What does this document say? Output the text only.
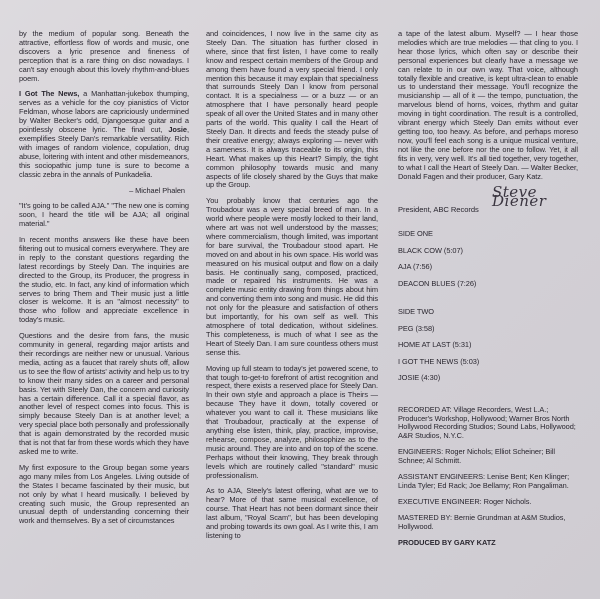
by the medium of popular song. Beneath the attractive, effortless flow of words and music, one discovers a lyric presence and fineness of perception that is a rare thing on disc nowadays. I can't say enough about this lovely rhythm-and-blues poem.

I Got The News, a Manhattan-jukebox thumping, serves as a vehicle for the coy pianistics of Victor Feldman, whose labors are capriciously undermined by Walter Becker's odd, Djangoesque guitar and a pointlessly obscene lyric. The final cut, Josie, exemplifies Steely Dan's remarkable versatility. Rich with images of random violence, copulation, drug abuse, loitering with intent and other misdemeanors, this sociopathic jump tune is sure to become a classic zebra in the annals of Punkadelia.

– Michael Phalen

"It's going to be called AJA." "The new one is coming soon, I heard the title will be AJA; all original material."

In recent months answers like these have been filtering out to musical corners everywhere. They are in reply to the constant questions regarding the latest recordings by Steely Dan. The inquiries are directed to the Group, its Producer, the progress in the studio, etc. In fact, any kind of information which serves to bring Them and Their music just a little closer is welcome. It is an "almost necessity" to those who follow and appreciate excellence in today's music.

Questions and the desire from fans, the music community in general, regarding major artists and their recordings are neither new or unusual. Various media, acting as a faucet that rarely shuts off, allow us to see the flow of artists' activity and help us to try to know their many sides on a career and personal basis. Yet with Steely Dan, the concern and curiosity has a certain difference. Call it a special flavor, as another level of respect comes into focus. This is simply because Steely Dan is at another level; a very special place both personally and professionally that is again demonstrated by the recorded music that is not that far from these words which they have asked me to write.

My first exposure to the Group began some years ago many miles from Los Angeles. Living outside of the States I became fascinated by their music, but not only by what I heard musically. I believed by creating such music, the Group represented an unusual depth of understanding concerning their work and themselves. By a set of circumstances

and coincidences, I now live in the same city as Steely Dan. The situation has further closed in where, since that first listen, I have come to really know and respect certain members of the Group and among them have found a very special friend. I only mention this because it may explain that specialness that surrounds Steely Dan I know from personal contact. It is a specialness — or a buzz — or an atmosphere that I have personally heard people speak of all over the United States and in many other parts of the world. This quality I call the Heart of Steely Dan. It directs and feeds the steady pulse of their creative energy; always exploring — never with a sameness. It is always traceable to its origin, this Heart. What makes up this Heart? Simply, the tight common philosophy towards music and many aspects of life closely shared by the Guys that make up the Group.

You probably know that centuries ago the Troubadour was a very special breed of man. In a world where people were mostly locked to their land, where art was not well understood by the masses; where commercialism, though limited, was important for bare survival, the Troubadour stood apart. He moved on and about in his own space. His world was measured on his musical output and flow on a daily basis. He continually sang, composed, practiced, made or repaired his instruments. He was a complete music entity drawing from things about him and converting them into song and music. He did this not only for the pleasure and satisfaction of others but importantly, for his own self as well. This atmosphere of total dedication, without sidelines. This completeness, is much of what I see as the Heart of Steely Dan. I am sure countless others must sense this.

Moving up full steam to today's jet powered scene, to that tough to-get-to forefront of artist recognition and respect, there exists a reserved place for Steely Dan. In their own style and approach a place is Theirs — because They have it down, totally covered or whatever you want to call it. These musicians like that Troubadour, practically at the expense of anything else listen, think, play, practice, improvise, rehearse, compose, analyze, philosophize as to the music around. They are into and on top of the scene. Perhaps without their knowing, They break through levels which are routinely called "standard" music professionalism.

As to AJA, Steely's latest offering, what are we to hear? More of that same musical excellence, of course. That Heart has not been dormant since their last album, "Royal Scam", but has been developing and probing towards its own goal. As I write this, I am listening to

a tape of the latest album. Myself? — I hear those melodies which are true melodies — that cling to you. I hear those lyrics, which often say or describe their personal experiences but clearly have a message we can relate to in our own way. That voice, although totally flexible and creative, is kept ultra-clean to enable us to understand their message. You'll recognize the musicianship — all of it — the tempo, punctuation, the marvelous blend of horns, voices, rhythm and guitar moving in tight coordination. The result is a controlled, vibrant energy which Steely Dan emits without ever getting too, too heavy. As before, and perhaps moreso now, you'll feel each song is a unique musical venture, not like the one before nor the one to follow. Yet, it all fits in very, very well. It's all tied together, very together, to what I call the Heart of Steely Dan. — Walter Becker, Donald Fagen and their producer, Gary Katz.

Steve Diener

President, ABC Records

SIDE ONE

BLACK COW (5:07)

AJA (7:56)

DEACON BLUES (7:26)

SIDE TWO

PEG (3:58)

HOME AT LAST (5:31)

I GOT THE NEWS (5:03)

JOSIE (4:30)

RECORDED AT: Village Recorders, West L.A.; Producer's Workshop, Hollywood; Warner Bros North Hollywood Recording Studios; Sound Labs, Hollywood; A&R Studios, N.Y.C.

ENGINEERS: Roger Nichols; Elliot Scheiner; Bill Schnee; Al Schmitt.

ASSISTANT ENGINEERS: Lenise Bent; Ken Klinger; Linda Tyler; Ed Rack; Joe Bellamy; Ron Pangaliman.

EXECUTIVE ENGINEER: Roger Nichols.

MASTERED BY: Bernie Grundman at A&M Studios, Hollywood.

PRODUCED BY GARY KATZ
